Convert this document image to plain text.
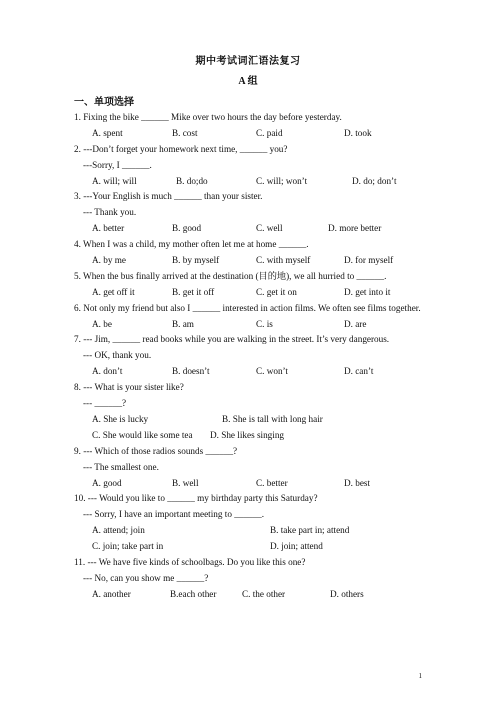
期中考试词汇语法复习
A 组
一、单项选择
1. Fixing the bike ______ Mike over two hours the day before yesterday.
A. spent	B. cost	C. paid	D. took
2. ---Don’t forget your homework next time, ______ you?
---Sorry, I ______.
A. will; will	B. do;do	C. will; won’t	D. do; don’t
3. ---Your English is much ______ than your sister.
--- Thank you.
A. better	B. good	C. well	D. more better
4. When I was a child, my mother often let me at home ______.
A. by me	B. by myself	C. with myself	D. for myself
5. When the bus finally arrived at the destination (目的地), we all hurried to ______.
A. get off it	B. get it off	C. get it on	D. get into it
6. Not only my friend but also I ______ interested in action films. We often see films together.
A. be	B. am	C. is	D. are
7. --- Jim, ______ read books while you are walking in the street. It’s very dangerous.
--- OK, thank you.
A. don’t	B. doesn’t	C. won’t	D. can’t
8. --- What is your sister like?
--- ______?
A. She is lucky	B. She is tall with long hair
C. She would like some tea	D. She likes singing
9. --- Which of those radios sounds ______?
--- The smallest one.
A. good	B. well	C. better	D. best
10. --- Would you like to ______ my birthday party this Saturday?
--- Sorry, I have an important meeting to ______.
A. attend; join	B. take part in; attend
C. join; take part in	D. join; attend
11. --- We have five kinds of schoolbags. Do you like this one?
--- No, can you show me ______?
A. another	B.each other	C. the other	D. others
1
